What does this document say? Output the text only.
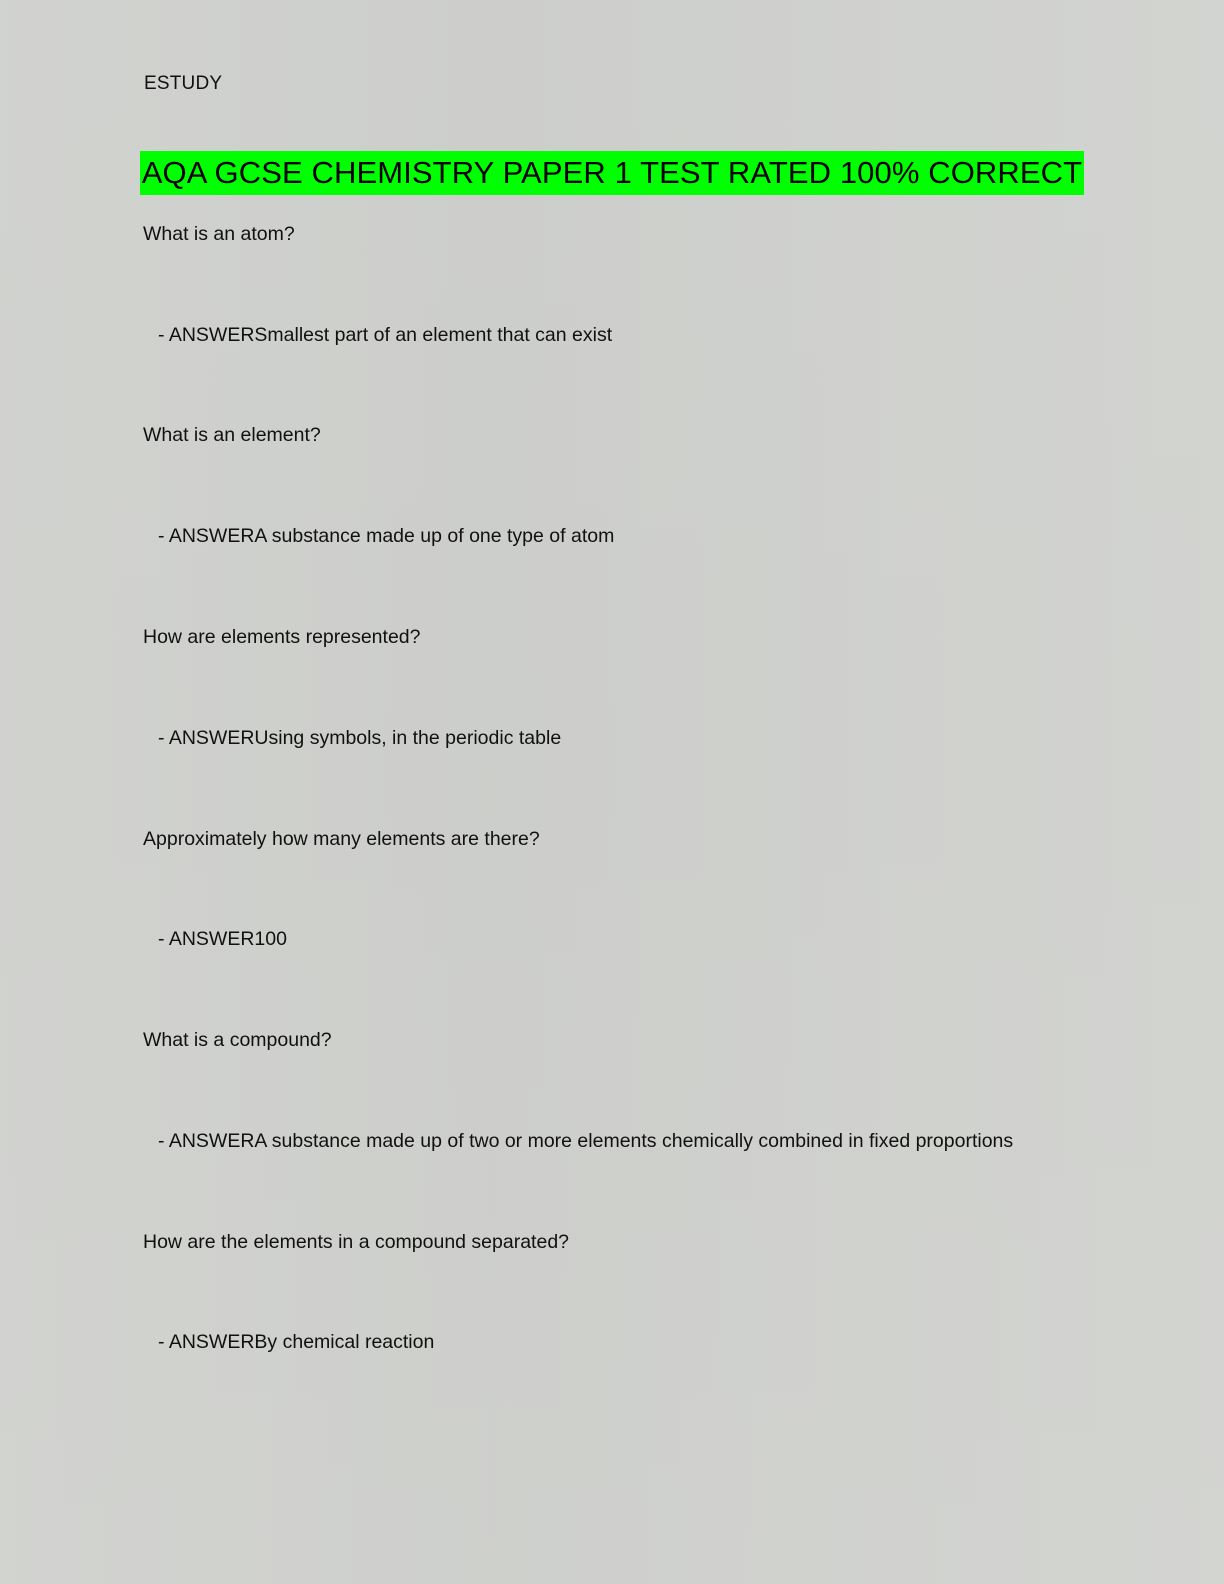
ESTUDY
AQA GCSE CHEMISTRY PAPER 1 TEST RATED 100% CORRECT
What is an atom?
- ANSWERSmallest part of an element that can exist
What is an element?
- ANSWERA substance made up of one type of atom
How are elements represented?
- ANSWERUsing symbols, in the periodic table
Approximately how many elements are there?
- ANSWER100
What is a compound?
- ANSWERA substance made up of two or more elements chemically combined in fixed proportions
How are the elements in a compound separated?
- ANSWERBy chemical reaction
